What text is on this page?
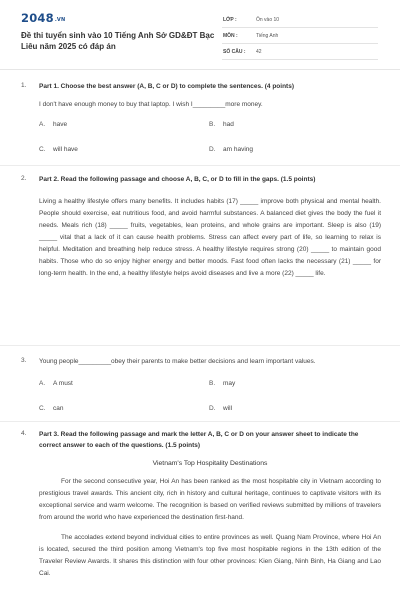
2048.VN
Đề thi tuyển sinh vào 10 Tiếng Anh Sở GD&ĐT Bạc Liêu năm 2025 có đáp án
LỚP :	Ôn vào 10
MÔN :	Tiếng Anh
SỐ CÂU : 42
1. Part 1. Choose the best answer (A, B, C or D) to complete the sentences. (4 points)
I don't have enough money to buy that laptop. I wish I_________more money.
A. have	B. had
C. will have	D. am having
2. Part 2. Read the following passage and choose A, B, C, or D to fill in the gaps. (1.5 points)
Living a healthy lifestyle offers many benefits. It includes habits (17) _____ improve both physical and mental health. People should exercise, eat nutritious food, and avoid harmful substances. A balanced diet gives the body the fuel it needs. Meals rich (18) _____ fruits, vegetables, lean proteins, and whole grains are important. Sleep is also (19) _____ vital that a lack of it can cause health problems. Stress can affect every part of life, so learning to relax is helpful. Meditation and breathing help reduce stress. A healthy lifestyle requires strong (20) _____ to maintain good habits. Those who do so enjoy higher energy and better moods. Fast food often lacks the necessary (21) _____ for long-term health. In the end, a healthy lifestyle helps avoid diseases and live a more (22) _____ life.
3. Young people_________obey their parents to make better decisions and learn important values.
A. A must	B. may
C. can	D. will
4. Part 3. Read the following passage and mark the letter A, B, C or D on your answer sheet to indicate the correct answer to each of the questions. (1.5 points)
Vietnam's Top Hospitality Destinations
For the second consecutive year, Hoi An has been ranked as the most hospitable city in Vietnam according to prestigious travel awards. This ancient city, rich in history and cultural heritage, continues to captivate visitors with its exceptional service and warm welcome. The recognition is based on verified reviews submitted by millions of travelers from around the world who have experienced the destination first-hand.
The accolades extend beyond individual cities to entire provinces as well. Quang Nam Province, where Hoi An is located, secured the third position among Vietnam's top five most hospitable regions in the 13th edition of the Traveler Review Awards. It shares this distinction with four other provinces: Kien Giang, Ninh Binh, Ha Giang and Lao Cai.
